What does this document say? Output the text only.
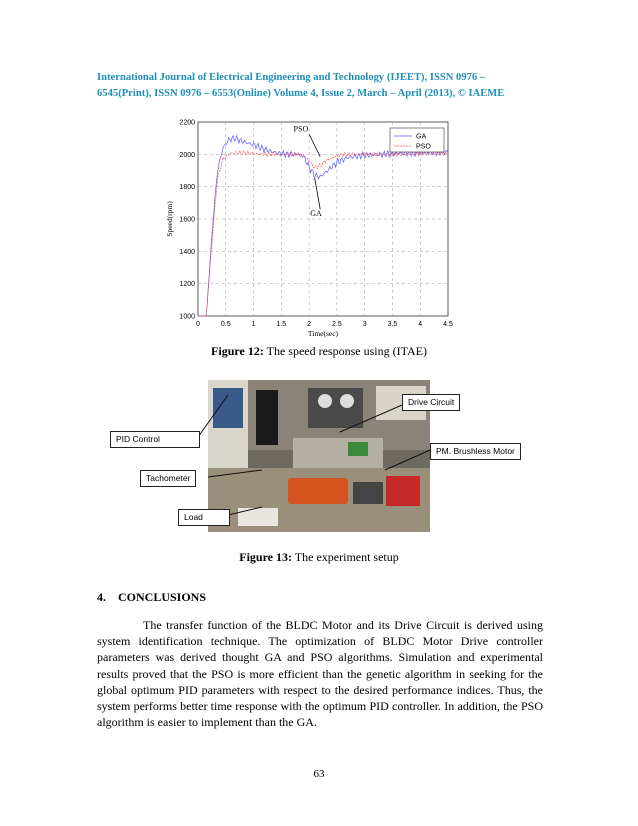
International Journal of Electrical Engineering and Technology (IJEET), ISSN 0976 –
6545(Print), ISSN 0976 – 6553(Online) Volume 4, Issue 2, March – April (2013), © IAEME
0	0.5	1	1.5	2	2.5	3	3.5	4	4.5
1000
1200
1400
1600
1800
2000
2200
Time(sec)
Speed(rpm)
GA
PSO
PSO
GA
Figure 12: The speed response using (ITAE)
Drive Circuit
PID Control
PM. Brushless Motor
Tachometer
Load
Figure 13: The experiment setup
4.    CONCLUSIONS
The transfer function of the BLDC Motor and its Drive Circuit is derived using system identification technique. The optimization of BLDC Motor Drive controller parameters was derived thought GA and PSO algorithms. Simulation and experimental results proved that the PSO is more efficient than the genetic algorithm in seeking for the global optimum PID parameters with respect to the desired performance indices. Thus, the system performs better time response with the optimum PID controller. In addition, the PSO algorithm is easier to implement than the GA.
63
